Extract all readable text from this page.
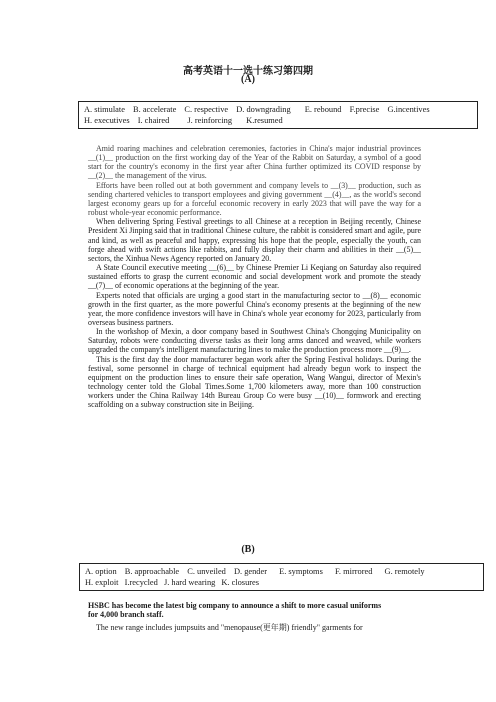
高考英语十一选十练习第四期
(A)
A. stimulate B. accelerate C. respective D. downgrading E. rebound F.precise G.incentives
H. executives I. chaired J. reinforcing K.resumed

Amid roaring machines and celebration ceremonies, factories in China's major industrial provinces __(1)__ production on the first working day of the Year of the Rabbit on Saturday, a symbol of a good start for the country's economy in the first year after China further optimized its COVID response by __(2)__ the management of the virus.

Efforts have been rolled out at both government and company levels to __(3)__ production, such as sending chartered vehicles to transport employees and giving government __(4)__, as the world's second largest economy gears up for a forceful economic recovery in early 2023 that will pave the way for a robust whole-year economic performance.

When delivering Spring Festival greetings to all Chinese at a reception in Beijing recently, Chinese President Xi Jinping said that in traditional Chinese culture, the rabbit is considered smart and agile, pure and kind, as well as peaceful and happy, expressing his hope that the people, especially the youth, can forge ahead with swift actions like rabbits, and fully display their charm and abilities in their __(5)__ sectors, the Xinhua News Agency reported on January 20.

A State Council executive meeting __(6)__ by Chinese Premier Li Keqiang on Saturday also required sustained efforts to grasp the current economic and social development work and promote the steady __(7)__ of economic operations at the beginning of the year.

Experts noted that officials are urging a good start in the manufacturing sector to __(8)__ economic growth in the first quarter, as the more powerful China's economy presents at the beginning of the new year, the more confidence investors will have in China's whole year economy for 2023, particularly from overseas business partners.

In the workshop of Mexin, a door company based in Southwest China's Chongqing Municipality on Saturday, robots were conducting diverse tasks as their long arms danced and weaved, while workers upgraded the company's intelligent manufacturing lines to make the production process more __(9)__.

This is the first day the door manufacturer began work after the Spring Festival holidays. During the festival, some personnel in charge of technical equipment had already begun work to inspect the equipment on the production lines to ensure their safe operation, Wang Wangui, director of Mexin's technology center told the Global Times.Some 1,700 kilometers away, more than 100 construction workers under the China Railway 14th Bureau Group Co were busy __(10)__ formwork and erecting scaffolding on a subway construction site in Beijing.

(B)
A. option B. approachable C. unveiled D. gender E. symptoms F. mirrored G. remotely
H. exploit I.recycled J. hard wearing K. closures
HSBC has become the latest big company to announce a shift to more casual uniforms
for 4,000 branch staff.
The new range includes jumpsuits and "menopause(更年期) friendly" garments for
